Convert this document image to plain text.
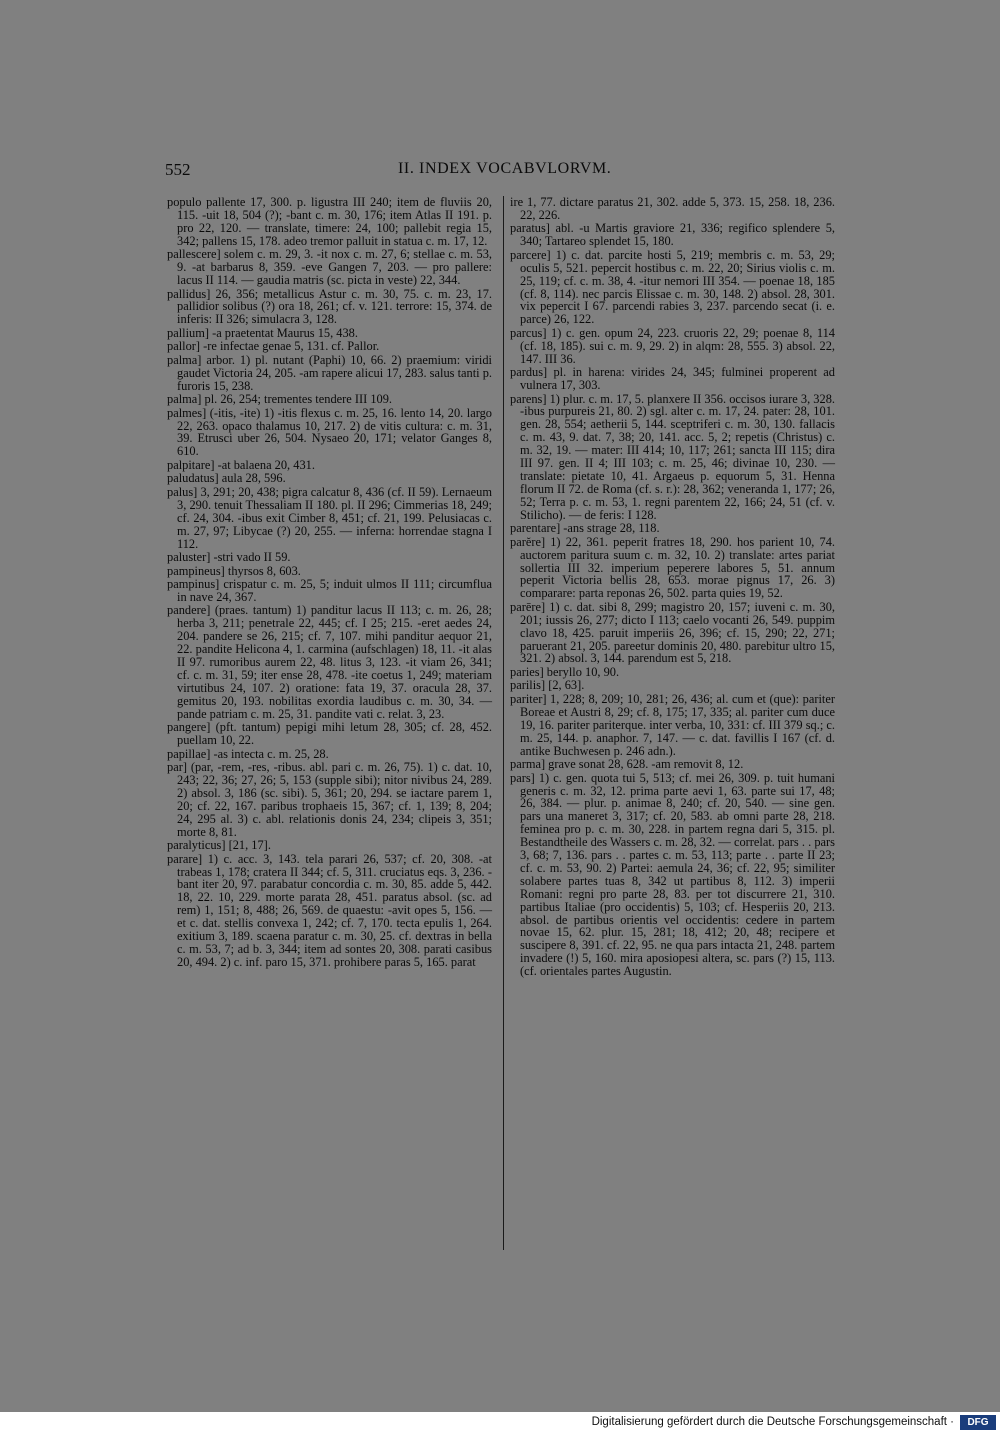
552	II. INDEX VOCABVLORVM.
populo pallente 17, 300. p. ligustra III 240; item de fluviis 20, 115. -uit 18, 504 (?); -bant c. m. 30, 176; item Atlas II 191. p. pro 22, 120. — translate, timere: 24, 100; pallebit regia 15, 342; pallens 15, 178. adeo tremor palluit in statua c. m. 17, 12.
pallescere] solem c. m. 29, 3. -it nox c. m. 27, 6; stellae c. m. 53, 9. -at barbarus 8, 359. -eve Gangen 7, 203. — pro pallere: lacus II 114. — gaudia matris (sc. picta in veste) 22, 344.
pallidus] 26, 356; metallicus Astur c. m. 30, 75. c. m. 23, 17. pallidior solibus (?) ora 18, 261; cf. v. 121. terrore: 15, 374. de inferis: II 326; simulacra 3, 128.
pallium] -a praetentat Maurus 15, 438.
pallor] -re infectae genae 5, 131. cf. Pallor.
palma] arbor. 1) pl. nutant (Paphi) 10, 66. 2) praemium: viridi gaudet Victoria 24, 205. -am rapere alicui 17, 283. salus tanti p. furoris 15, 238.
palma] pl. 26, 254; trementes tendere III 109.
palmes] (-itis, -ite) 1) -itis flexus c. m. 25, 16. lento 14, 20. largo 22, 263. opaco thalamus 10, 217. 2) de vitis cultura: c. m. 31, 39. Etrusci uber 26, 504. Nysaeo 20, 171; velator Ganges 8, 610.
palpitare] -at balaena 20, 431.
paludatus] aula 28, 596.
palus] 3, 291; 20, 438; pigra calcatur 8, 436 (cf. II 59). Lernaeum 3, 290. tenuit Thessaliam II 180. pl. II 296; Cimmerias 18, 249; cf. 24, 304. -ibus exit Cimber 8, 451; cf. 21, 199. Pelusiacas c. m. 27, 97; Libycae (?) 20, 255. — inferna: horrendae stagna I 112.
paluster] -stri vado II 59.
pampineus] thyrsos 8, 603.
pampinus] crispatur c. m. 25, 5; induit ulmos II 111; circumflua in nave 24, 367.
pandere] (praes. tantum) 1) panditur lacus II 113; c. m. 26, 28; herba 3, 211; penetrale 22, 445; cf. I 25; 215. -eret aedes 24, 204. pandere se 26, 215; cf. 7, 107. mihi panditur aequor 21, 22. pandite Helicona 4, 1. carmina (aufschlagen) 18, 11. -it alas II 97. rumoribus aurem 22, 48. litus 3, 123. -it viam 26, 341; cf. c. m. 31, 59; iter ense 28, 478. -ite coetus 1, 249; materiam virtutibus 24, 107. 2) oratione: fata 19, 37. oracula 28, 37. gemitus 20, 193. nobilitas exordia laudibus c. m. 30, 34. — pande patriam c. m. 25, 31. pandite vati c. relat. 3, 23.
pangere] (pft. tantum) pepigi mihi letum 28, 305; cf. 28, 452. puellam 10, 22.
papillae] -as intecta c. m. 25, 28.
par] (par, -rem, -res, -ribus. abl. pari c. m. 26, 75). 1) c. dat. 10, 243; 22, 36; 27, 26; 5, 153 (supple sibi); nitor nivibus 24, 289. 2) absol. 3, 186 (sc. sibi). 5, 361; 20, 294. se iactare parem 1, 20; cf. 22, 167. paribus trophaeis 15, 367; cf. 1, 139; 8, 204; 24, 295 al. 3) c. abl. relationis donis 24, 234; clipeis 3, 351; morte 8, 81.
paralyticus] [21, 17].
parare] 1) c. acc. 3, 143. tela parari 26, 537; cf. 20, 308. -at trabeas 1, 178; cratera II 344; cf. 5, 311. cruciatus eqs. 3, 236. -bant iter 20, 97. parabatur concordia c. m. 30, 85. adde 5, 442. 18, 22. 10, 229. morte parata 28, 451. paratus absol. (sc. ad rem) 1, 151; 8, 488; 26, 569. de quaestu: -avit opes 5, 156. — et c. dat. stellis convexa 1, 242; cf. 7, 170. tecta epulis 1, 264. exitium 3, 189. scaena paratur c. m. 30, 25. cf. dextras in bella c. m. 53, 7; ad b. 3, 344; item ad sontes 20, 308. parati casibus 20, 494. 2) c. inf. paro 15, 371. prohibere paras 5, 165. parat
ire 1, 77. dictare paratus 21, 302. adde 5, 373. 15, 258. 18, 236. 22, 226.
paratus] abl. -u Martis graviore 21, 336; regifico splendere 5, 340; Tartareo splendet 15, 180.
parcere] 1) c. dat. parcite hosti 5, 219; membris c. m. 53, 29; oculis 5, 521. pepercit hostibus c. m. 22, 20; Sirius violis c. m. 25, 119; cf. c. m. 38, 4. -itur nemori III 354. — poenae 18, 185 (cf. 8, 114). nec parcis Elissae c. m. 30, 148. 2) absol. 28, 301. vix pepercit I 67. parcendi rabies 3, 237. parcendo secat (i. e. parce) 26, 122.
parcus] 1) c. gen. opum 24, 223. cruoris 22, 29; poenae 8, 114 (cf. 18, 185). sui c. m. 9, 29. 2) in alqm: 28, 555. 3) absol. 22, 147. III 36.
pardus] pl. in harena: virides 24, 345; fulminei properent ad vulnera 17, 303.
parens] 1) plur. c. m. 17, 5. planxere II 356. occisos iurare 3, 328. -ibus purpureis 21, 80. 2) sgl. alter c. m. 17, 24. pater: 28, 101. gen. 28, 554; aetherii 5, 144. sceptriferi c. m. 30, 130. fallacis c. m. 43, 9. dat. 7, 38; 20, 141. acc. 5, 2; repetis (Christus) c. m. 32, 19. — mater: III 414; 10, 117; 261; sancta III 115; dira III 97. gen. II 4; III 103; c. m. 25, 46; divinae 10, 230. — translate: pietate 10, 41. Argaeus p. equorum 5, 31. Henna florum II 72. de Roma (cf. s. r.): 28, 362; veneranda 1, 177; 26, 52; Terra p. c. m. 53, 1. regni parentem 22, 166; 24, 51 (cf. v. Stilicho). — de feris: I 128.
parentare] -ans strage 28, 118.
parĕre] 1) 22, 361. peperit fratres 18, 290. hos parient 10, 74. auctorem paritura suum c. m. 32, 10. 2) translate: artes pariat sollertia III 32. imperium peperere labores 5, 51. annum peperit Victoria bellis 28, 653. morae pignus 17, 26. 3) comparare: parta reponas 26, 502. parta quies 19, 52.
parēre] 1) c. dat. sibi 8, 299; magistro 20, 157; iuveni c. m. 30, 201; iussis 26, 277; dicto I 113; caelo vocanti 26, 549. puppim clavo 18, 425. paruit imperiis 26, 396; cf. 15, 290; 22, 271; paruerant 21, 205. pareetur dominis 20, 480. parebitur ultro 15, 321. 2) absol. 3, 144. parendum est 5, 218.
paries] beryllo 10, 90.
parilis] [2, 63].
pariter] 1, 228; 8, 209; 10, 281; 26, 436; al. cum et (que): pariter Boreae et Austri 8, 29; cf. 8, 175; 17, 335; al. pariter cum duce 19, 16. pariter pariterque. inter verba, 10, 331: cf. III 379 sq.; c. m. 25, 144. p. anaphor. 7, 147. — c. dat. favillis I 167 (cf. d. antike Buchwesen p. 246 adn.).
parma] grave sonat 28, 628. -am removit 8, 12.
pars] 1) c. gen. quota tui 5, 513; cf. mei 26, 309. p. tuit humani generis c. m. 32, 12. prima parte aevi 1, 63. parte sui 17, 48; 26, 384. — plur. p. animae 8, 240; cf. 20, 540. — sine gen. pars una maneret 3, 317; cf. 20, 583. ab omni parte 28, 218. feminea pro p. c. m. 30, 228. in partem regna dari 5, 315. pl. Bestandtheile des Wassers c. m. 28, 32. — correlat. pars . . pars 3, 68; 7, 136. pars . . partes c. m. 53, 113; parte . . parte II 23; cf. c. m. 53, 90. 2) Partei: aemula 24, 36; cf. 22, 95; similiter solabere partes tuas 8, 342 ut partibus 8, 112. 3) imperii Romani: regni pro parte 28, 83. per tot discurrere 21, 310. partibus Italiae (pro occidentis) 5, 103; cf. Hesperiis 20, 213. absol. de partibus orientis vel occidentis: cedere in partem novae 15, 62. plur. 15, 281; 18, 412; 20, 48; recipere et suscipere 8, 391. cf. 22, 95. ne qua pars intacta 21, 248. partem invadere (!) 5, 160. mira aposiopesi altera, sc. pars (?) 15, 113. (cf. orientales partes Augustin.
Digitalisierung gefördert durch die Deutsche Forschungsgemeinschaft ·	DFG
